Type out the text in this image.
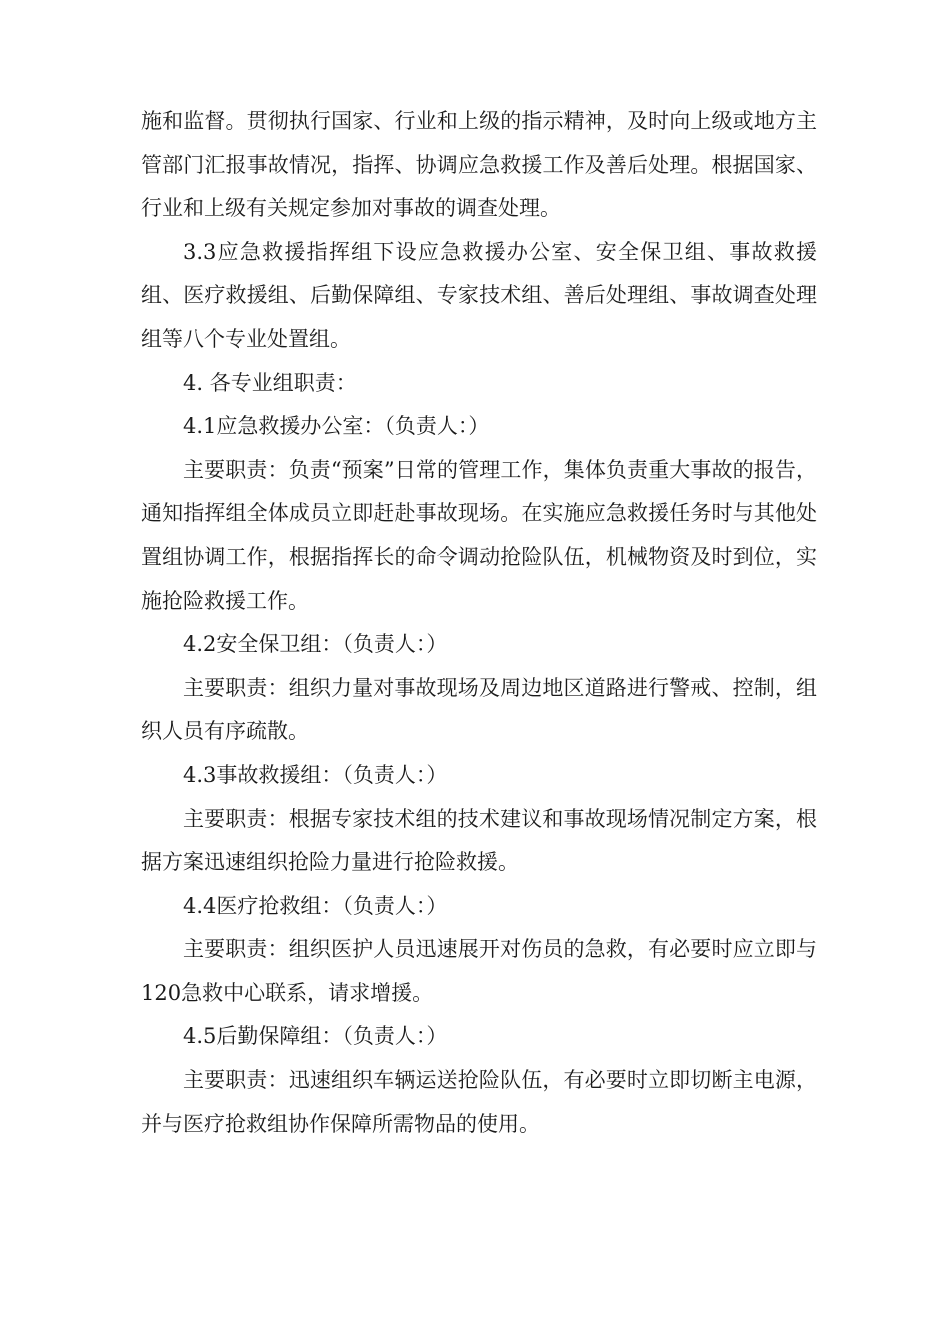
施和监督。贯彻执行国家、行业和上级的指示精神，及时向上级或地方主管部门汇报事故情况，指挥、协调应急救援工作及善后处理。根据国家、行业和上级有关规定参加对事故的调查处理。

3.3应急救援指挥组下设应急救援办公室、安全保卫组、事故救援组、医疗救援组、后勤保障组、专家技术组、善后处理组、事故调查处理组等八个专业处置组。

4. 各专业组职责：

4.1应急救援办公室：（负责人：）

主要职责：负责“预案”日常的管理工作，集体负责重大事故的报告，通知指挥组全体成员立即赶赴事故现场。在实施应急救援任务时与其他处置组协调工作，根据指挥长的命令调动抢险队伍，机械物资及时到位，实施抢险救援工作。

4.2安全保卫组：（负责人：）

主要职责：组织力量对事故现场及周边地区道路进行警戒、控制，组织人员有序疏散。

4.3事故救援组：（负责人：）

主要职责：根据专家技术组的技术建议和事故现场情况制定方案，根据方案迅速组织抢险力量进行抢险救援。

4.4医疗抢救组：（负责人：）

主要职责：组织医护人员迅速展开对伤员的急救，有必要时应立即与120急救中心联系，请求增援。

4.5后勤保障组：（负责人：）

主要职责：迅速组织车辆运送抢险队伍，有必要时立即切断主电源，并与医疗抢救组协作保障所需物品的使用。
